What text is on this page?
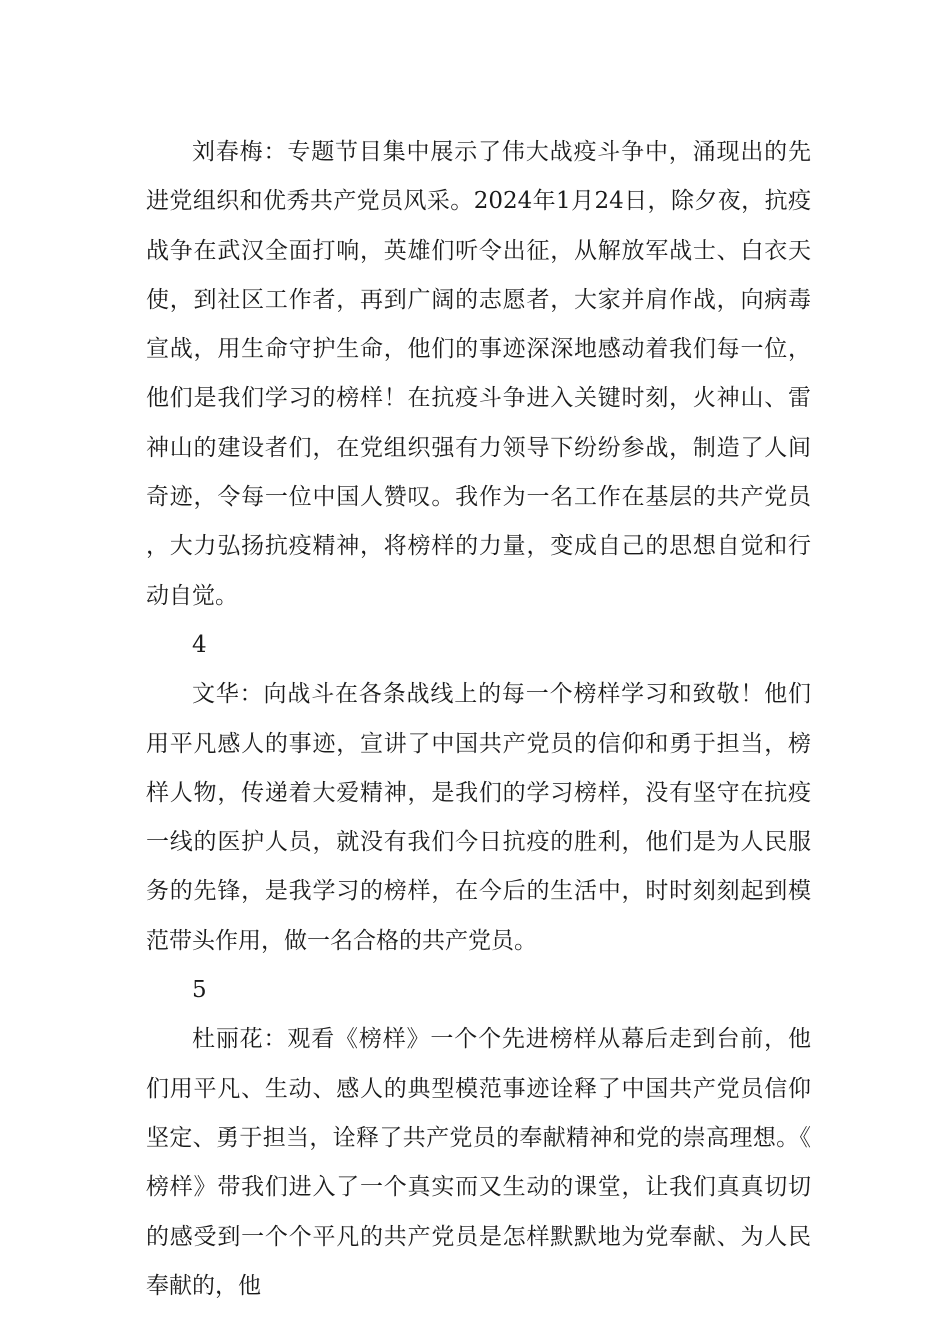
刘春梅：专题节目集中展示了伟大战疫斗争中，涌现出的先进党组织和优秀共产党员风采。2024年1月24日，除夕夜，抗疫战争在武汉全面打响，英雄们听令出征，从解放军战士、白衣天使，到社区工作者，再到广阔的志愿者，大家并肩作战，向病毒宣战，用生命守护生命，他们的事迹深深地感动着我们每一位，他们是我们学习的榜样！在抗疫斗争进入关键时刻，火神山、雷神山的建设者们，在党组织强有力领导下纷纷参战，制造了人间奇迹，令每一位中国人赞叹。我作为一名工作在基层的共产党员，大力弘扬抗疫精神，将榜样的力量，变成自己的思想自觉和行动自觉。

4

文华：向战斗在各条战线上的每一个榜样学习和致敬！他们用平凡感人的事迹，宣讲了中国共产党员的信仰和勇于担当，榜样人物，传递着大爱精神，是我们的学习榜样，没有坚守在抗疫一线的医护人员，就没有我们今日抗疫的胜利，他们是为人民服务的先锋，是我学习的榜样，在今后的生活中，时时刻刻起到模范带头作用，做一名合格的共产党员。

5

杜丽花：观看《榜样》一个个先进榜样从幕后走到台前，他们用平凡、生动、感人的典型模范事迹诠释了中国共产党员信仰坚定、勇于担当，诠释了共产党员的奉献精神和党的崇高理想。《榜样》带我们进入了一个真实而又生动的课堂，让我们真真切切的感受到一个个平凡的共产党员是怎样默默地为党奉献、为人民奉献的，他
